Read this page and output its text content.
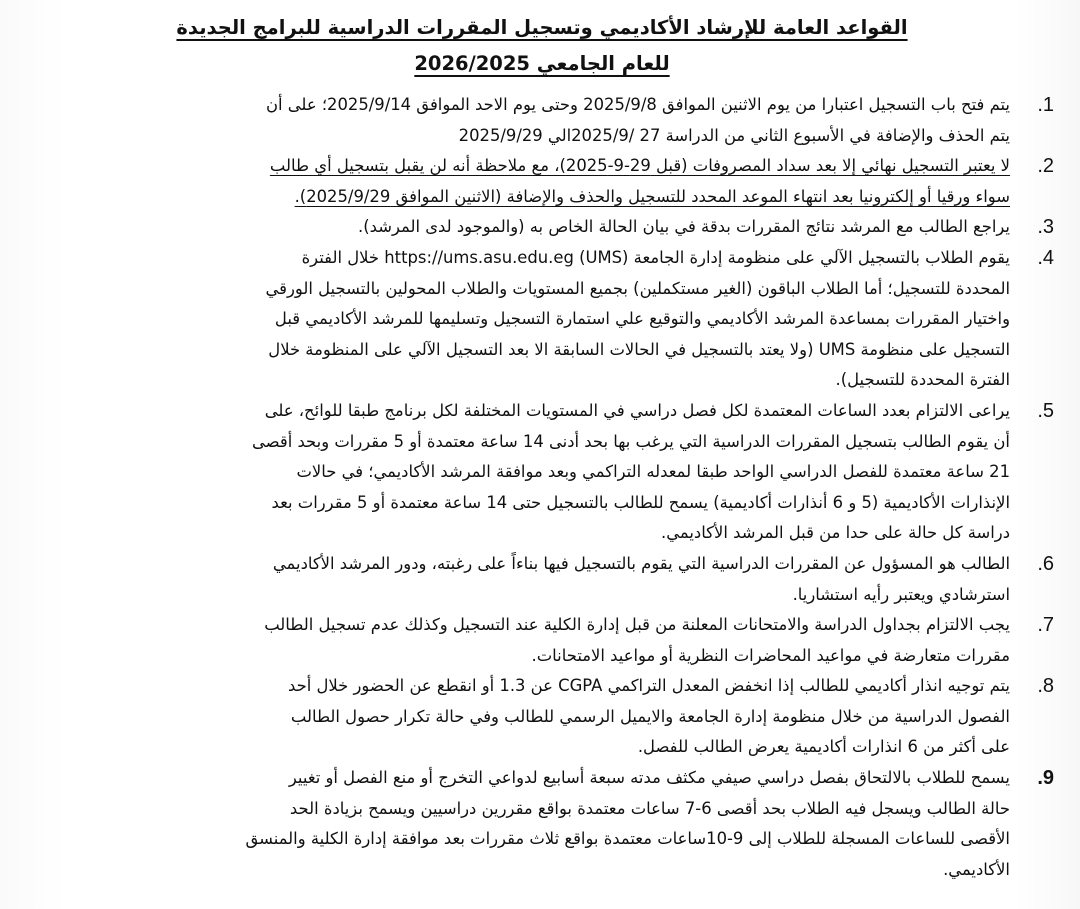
القواعد العامة للإرشاد الأكاديمي وتسجيل المقررات الدراسية للبرامج الجديدة
للعام الجامعي 2026/2025
.1
يتم فتح باب التسجيل اعتبارا من يوم الاثنين الموافق 2025/9/8 وحتى يوم الاحد الموافق 2025/9/14؛ على أن
يتم الحذف والإضافة في الأسبوع الثاني من الدراسة 27 /2025/9الي 2025/9/29
.2
لا يعتبر التسجيل نهائي إلا بعد سداد المصروفات (قبل 29-9-2025)، مع ملاحظة أنه لن يقبل بتسجيل أي طالب
سواء ورقيا أو إلكترونيا بعد انتهاء الموعد المحدد للتسجيل والحذف والإضافة (الاثنين الموافق 2025/9/29).
.3
يراجع الطالب مع المرشد نتائج المقررات بدقة في بيان الحالة الخاص به (والموجود لدى المرشد).
.4
يقوم الطلاب بالتسجيل الآلي على منظومة إدارة الجامعة (UMS) https://ums.asu.edu.eg خلال الفترة
المحددة للتسجيل؛ أما الطلاب الباقون (الغير مستكملين) بجميع المستويات والطلاب المحولين بالتسجيل الورقي
واختيار المقررات بمساعدة المرشد الأكاديمي والتوقيع علي استمارة التسجيل وتسليمها للمرشد الأكاديمي قبل
التسجيل على منظومة UMS (ولا يعتد بالتسجيل في الحالات السابقة الا بعد التسجيل الآلي على المنظومة خلال
الفترة المحددة للتسجيل).
.5
يراعى الالتزام بعدد الساعات المعتمدة لكل فصل دراسي في المستويات المختلفة لكل برنامج طبقا للوائح، على
أن يقوم الطالب بتسجيل المقررات الدراسية التي يرغب بها بحد أدنى 14 ساعة معتمدة أو 5 مقررات وبحد أقصى
21 ساعة معتمدة للفصل الدراسي الواحد طبقا لمعدله التراكمي وبعد موافقة المرشد الأكاديمي؛ في حالات
الإنذارات الأكاديمية (5 و 6 أنذارات أكاديمية) يسمح للطالب بالتسجيل حتى 14 ساعة معتمدة أو 5 مقررات بعد
دراسة كل حالة على حدا من قبل المرشد الأكاديمي.
.6
الطالب هو المسؤول عن المقررات الدراسية التي يقوم بالتسجيل فيها بناءاً على رغبته، ودور المرشد الأكاديمي
استرشادي ويعتبر رأيه استشاريا.
.7
يجب الالتزام بجداول الدراسة والامتحانات المعلنة من قبل إدارة الكلية عند التسجيل وكذلك عدم تسجيل الطالب
مقررات متعارضة في مواعيد المحاضرات النظرية أو مواعيد الامتحانات.
.8
يتم توجيه انذار أكاديمي للطالب إذا انخفض المعدل التراكمي CGPA عن 1.3 أو انقطع عن الحضور خلال أحد
الفصول الدراسية من خلال منظومة إدارة الجامعة والايميل الرسمي للطالب وفي حالة تكرار حصول الطالب
على أكثر من 6 انذارات أكاديمية يعرض الطالب للفصل.
.9
يسمح للطلاب بالالتحاق بفصل دراسي صيفي مكثف مدته سبعة أسابيع لدواعي التخرج أو منع الفصل أو تغيير
حالة الطالب ويسجل فيه الطلاب بحد أقصى 6-7 ساعات معتمدة بواقع مقررين دراسيين ويسمح بزيادة الحد
الأقصى للساعات المسجلة للطلاب إلى 9-10ساعات معتمدة بواقع ثلاث مقررات بعد موافقة إدارة الكلية والمنسق
الأكاديمي.
